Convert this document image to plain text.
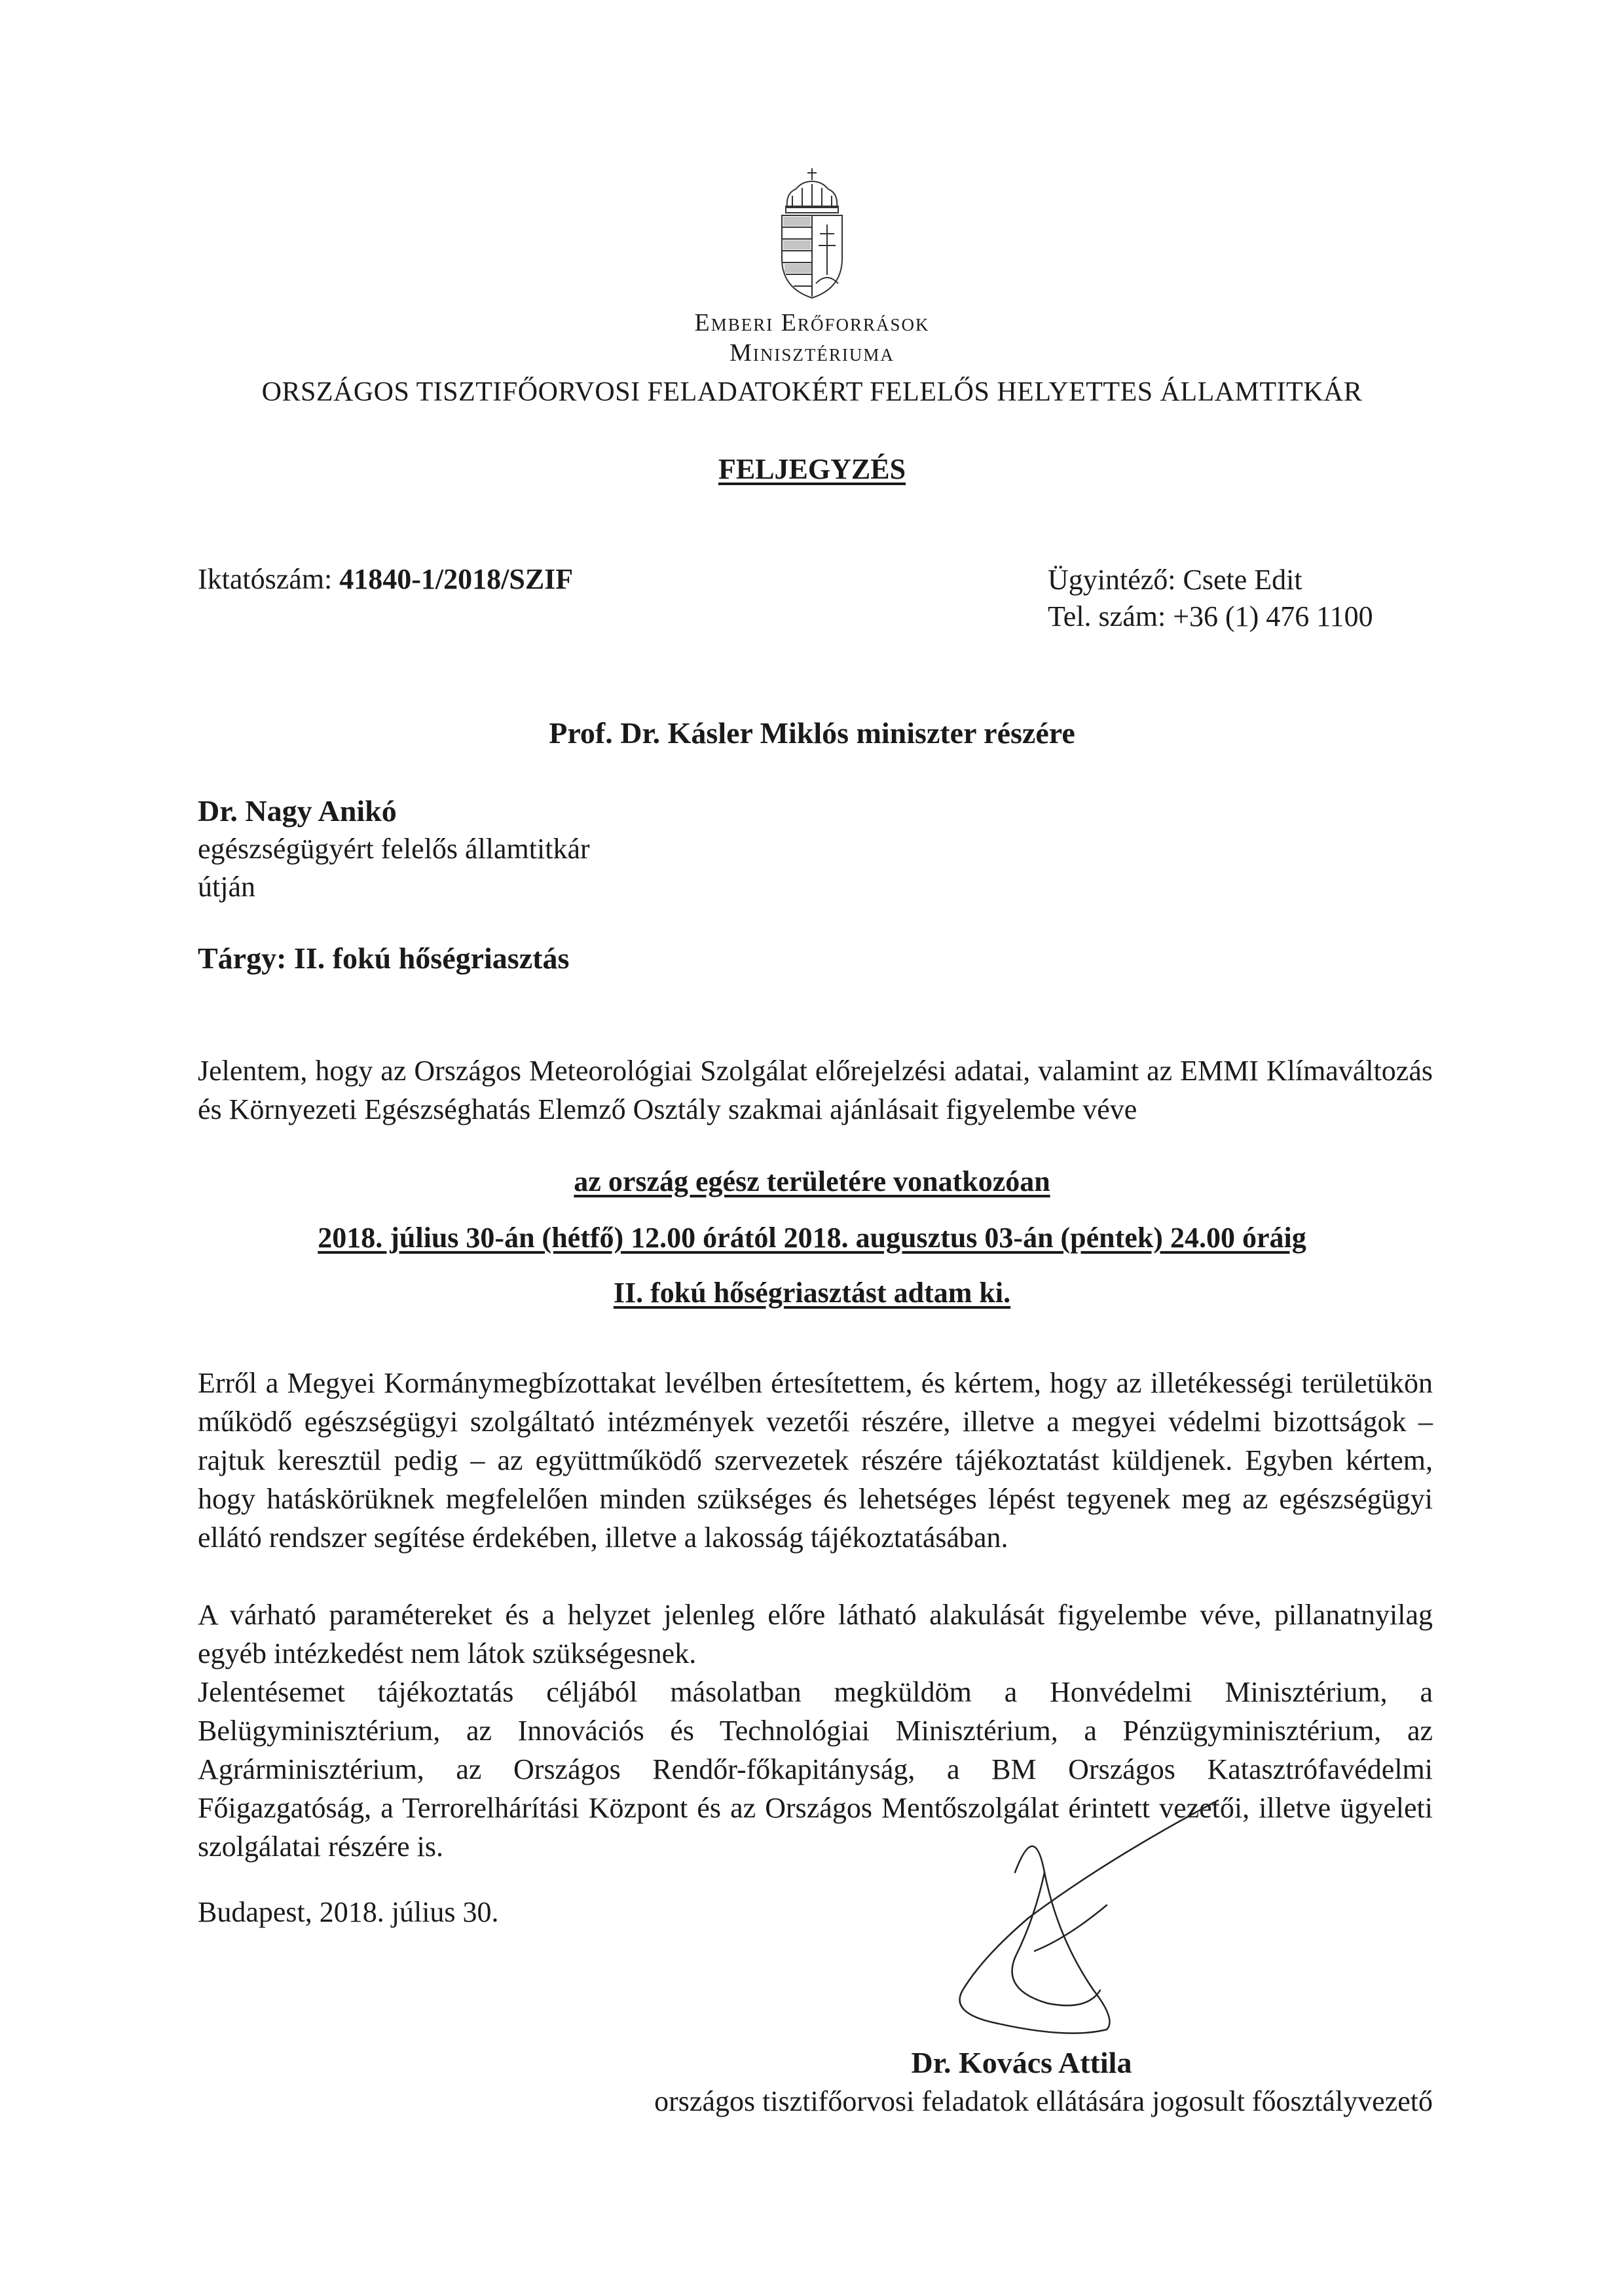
Emberi Erőforrások
Minisztériuma
ORSZÁGOS TISZTIFŐORVOSI FELADATOKÉRT FELELŐS HELYETTES ÁLLAMTITKÁR
FELJEGYZÉS
Iktatószám: 41840-1/2018/SZIF	Ügyintéző: Csete Edit
Tel. szám: +36 (1) 476 1100
Prof. Dr. Kásler Miklós miniszter részére
Dr. Nagy Anikó
egészségügyért felelős államtitkár
útján
Tárgy: II. fokú hőségriasztás
Jelentem, hogy az Országos Meteorológiai Szolgálat előrejelzési adatai, valamint az EMMI Klímaváltozás és Környezeti Egészséghatás Elemző Osztály szakmai ajánlásait figyelembe véve
az ország egész területére vonatkozóan
2018. július 30-án (hétfő) 12.00 órától 2018. augusztus 03-án (péntek) 24.00 óráig
II. fokú hőségriasztást adtam ki.
Erről a Megyei Kormánymegbízottakat levélben értesítettem, és kértem, hogy az illetékességi területükön működő egészségügyi szolgáltató intézmények vezetői részére, illetve a megyei védelmi bizottságok – rajtuk keresztül pedig – az együttműködő szervezetek részére tájékoztatást küldjenek. Egyben kértem, hogy hatáskörüknek megfelelően minden szükséges és lehetséges lépést tegyenek meg az egészségügyi ellátó rendszer segítése érdekében, illetve a lakosság tájékoztatásában.
A várható paramétereket és a helyzet jelenleg előre látható alakulását figyelembe véve, pillanatnyilag egyéb intézkedést nem látok szükségesnek.
Jelentésemet tájékoztatás céljából másolatban megküldöm a Honvédelmi Minisztérium, a Belügyminisztérium, az Innovációs és Technológiai Minisztérium, a Pénzügyminisztérium, az Agrárminisztérium, az Országos Rendőr-főkapitányság, a BM Országos Katasztrófavédelmi Főigazgatóság, a Terrorelhárítási Központ és az Országos Mentőszolgálat érintett vezetői, illetve ügyeleti szolgálatai részére is.
Budapest, 2018. július 30.
Dr. Kovács Attila
országos tisztifőorvosi feladatok ellátására jogosult főosztályvezető
